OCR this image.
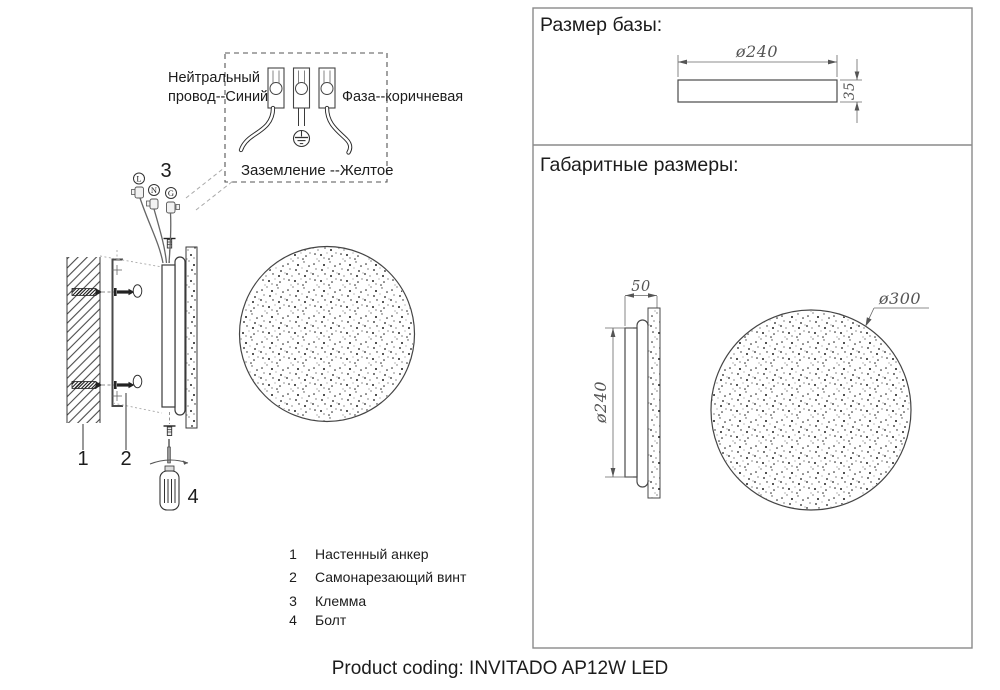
Нейтральный
провод--Синий	Фаза--коричневая
Заземление --Желтое
L
N G
1 2
3
4
1 Настенный анкер
2 Самонарезающий винт
3 Клемма
4 Болт
Размер базы:
Габаритные размеры:
ø240
35
50
ø240
ø300
Product coding: INVITADO AP12W LED
